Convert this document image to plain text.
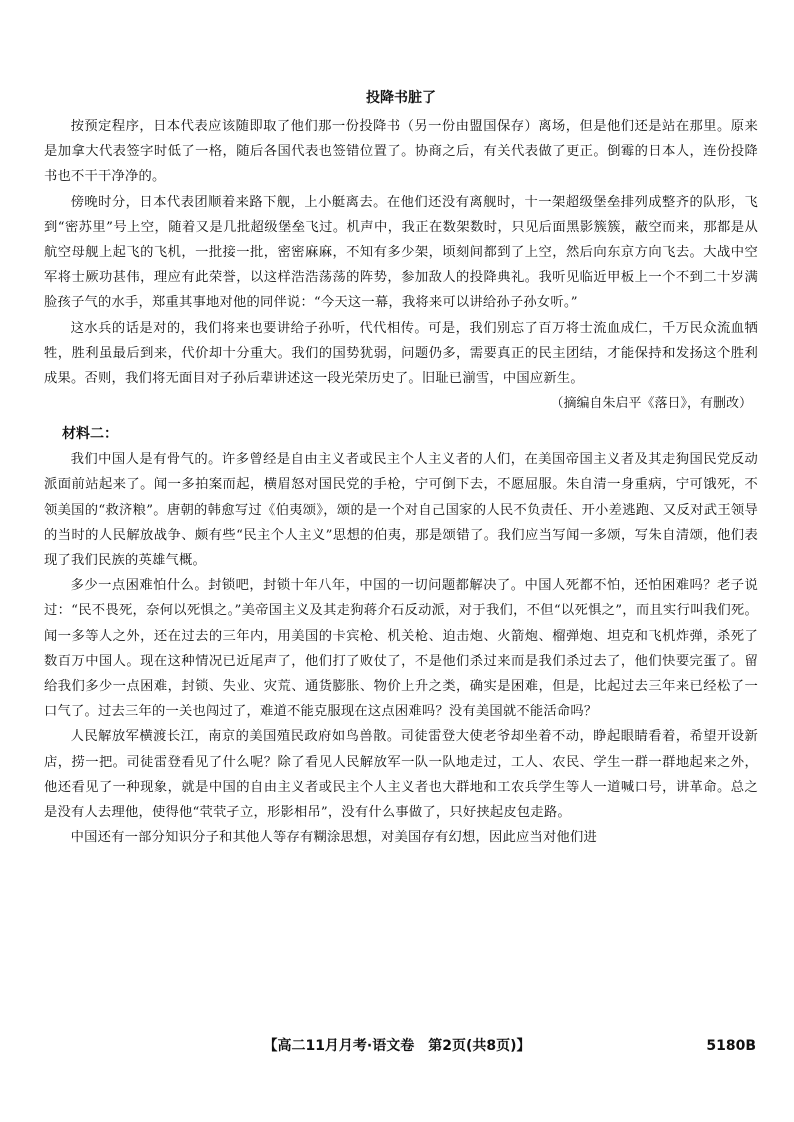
投降书脏了

按预定程序，日本代表应该随即取了他们那一份投降书（另一份由盟国保存）离场，但是他们还是站在那里。原来是加拿大代表签字时低了一格，随后各国代表也签错位置了。协商之后，有关代表做了更正。倒霉的日本人，连份投降书也不干干净净的。

傍晚时分，日本代表团顺着来路下舰，上小艇离去。在他们还没有离舰时，十一架超级堡垒排列成整齐的队形，飞到“密苏里”号上空，随着又是几批超级堡垒飞过。机声中，我正在数架数时，只见后面黑影簇簇，蔽空而来，那都是从航空母舰上起飞的飞机，一批接一批，密密麻麻，不知有多少架，顷刻间都到了上空，然后向东京方向飞去。大战中空军将士厥功甚伟，理应有此荣誉，以这样浩浩荡荡的阵势，参加敌人的投降典礼。我听见临近甲板上一个不到二十岁满脸孩子气的水手，郑重其事地对他的同伴说：“今天这一幕，我将来可以讲给孙子孙女听。”

这水兵的话是对的，我们将来也要讲给子孙听，代代相传。可是，我们别忘了百万将士流血成仁，千万民众流血牺牲，胜利虽最后到来，代价却十分重大。我们的国势犹弱，问题仍多，需要真正的民主团结，才能保持和发扬这个胜利成果。否则，我们将无面目对子孙后辈讲述这一段光荣历史了。旧耻已湔雪，中国应新生。

（摘编自朱启平《落日》，有删改）
材料二：

我们中国人是有骨气的。许多曾经是自由主义者或民主个人主义者的人们，在美国帝国主义者及其走狗国民党反动派面前站起来了。闻一多拍案而起，横眉怒对国民党的手枪，宁可倒下去，不愿屈服。朱自清一身重病，宁可饿死，不领美国的“救济粮”。唐朝的韩愈写过《伯夷颂》，颂的是一个对自己国家的人民不负责任、开小差逃跑、又反对武王领导的当时的人民解放战争、颇有些“民主个人主义”思想的伯夷，那是颂错了。我们应当写闻一多颂，写朱自清颂，他们表现了我们民族的英雄气概。

多少一点困难怕什么。封锁吧，封锁十年八年，中国的一切问题都解决了。中国人死都不怕，还怕困难吗？老子说过：“民不畏死，奈何以死惧之。”美帝国主义及其走狗蒋介石反动派，对于我们，不但“以死惧之”，而且实行叫我们死。闻一多等人之外，还在过去的三年内，用美国的卡宾枪、机关枪、迫击炮、火箭炮、榴弹炮、坦克和飞机炸弹，杀死了数百万中国人。现在这种情况已近尾声了，他们打了败仗了，不是他们杀过来而是我们杀过去了，他们快要完蛋了。留给我们多少一点困难，封锁、失业、灾荒、通货膨胀、物价上升之类，确实是困难，但是，比起过去三年来已经松了一口气了。过去三年的一关也闯过了，难道不能克服现在这点困难吗？没有美国就不能活命吗？

人民解放军横渡长江，南京的美国殖民政府如鸟兽散。司徒雷登大使老爷却坐着不动，睁起眼睛看着，希望开设新店，捞一把。司徒雷登看见了什么呢？除了看见人民解放军一队一队地走过，工人、农民、学生一群一群地起来之外，他还看见了一种现象，就是中国的自由主义者或民主个人主义者也大群地和工农兵学生等人一道喊口号，讲革命。总之是没有人去理他，使得他“茕茕孑立，形影相吊”，没有什么事做了，只好挟起皮包走路。

中国还有一部分知识分子和其他人等存有糊涂思想，对美国存有幻想，因此应当对他们进

【高二11月月考·语文卷　第2页(共8页)】	5180B
